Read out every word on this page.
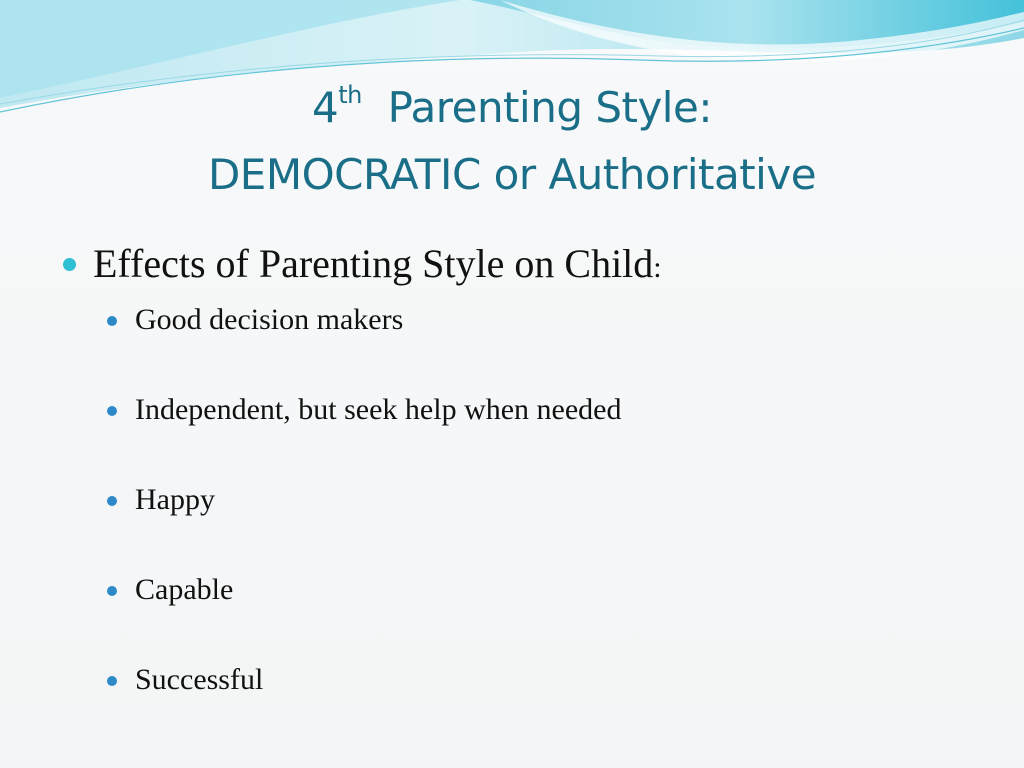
4th Parenting Style:
DEMOCRATIC or Authoritative
Effects of Parenting Style on Child:
Good decision makers
Independent, but seek help when needed
Happy
Capable
Successful
